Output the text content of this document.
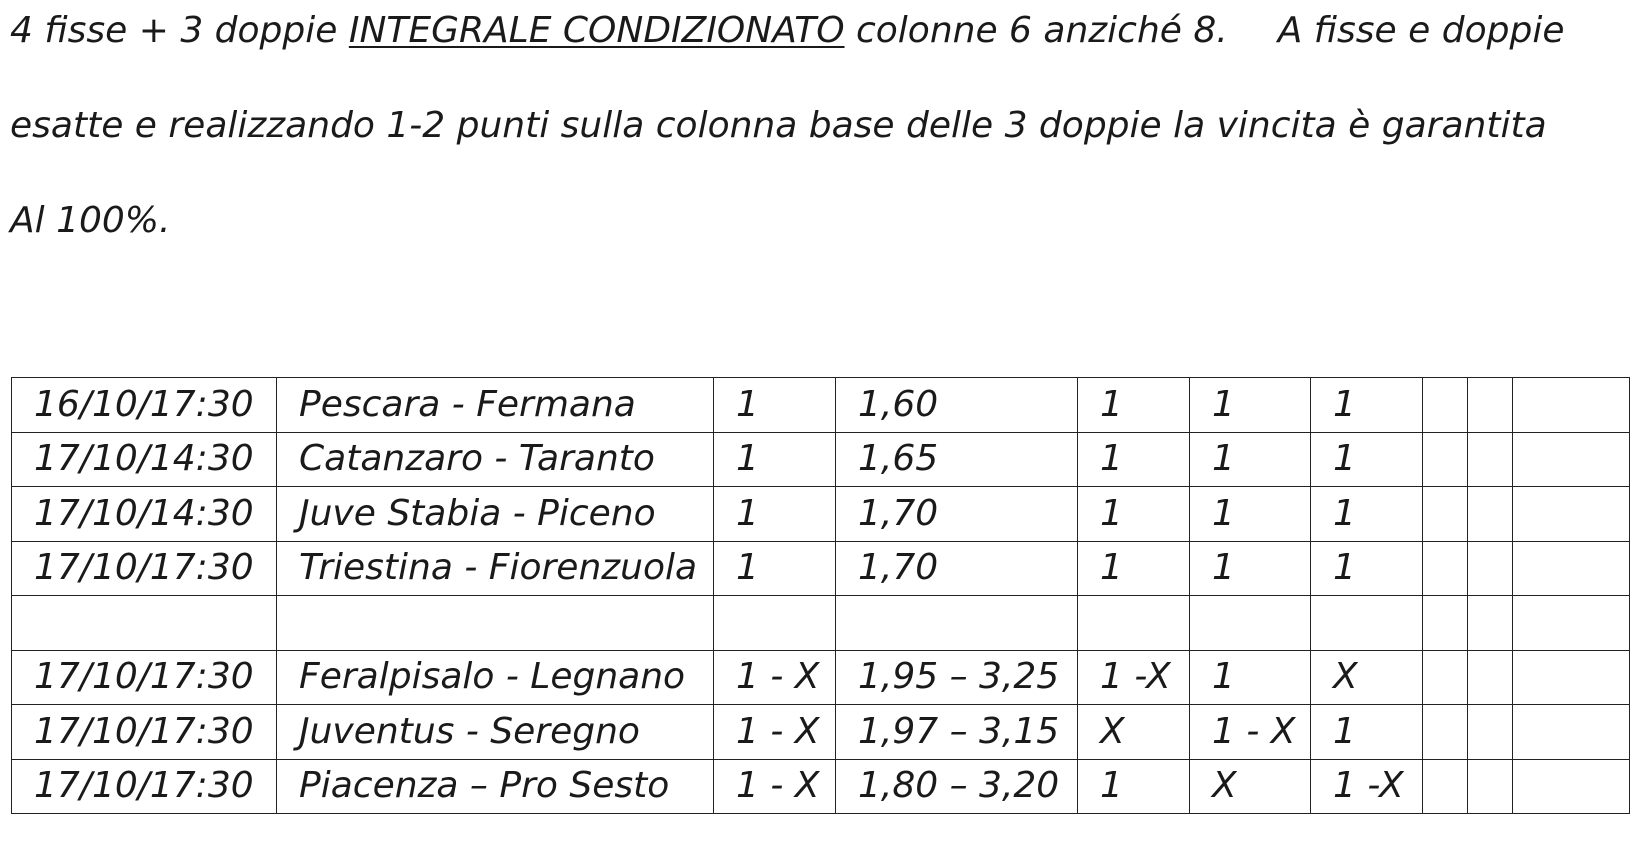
4 fisse + 3 doppie INTEGRALE CONDIZIONATO colonne 6 anziché 8. A fisse e doppie
esatte e realizzando 1-2 punti sulla colonna base delle 3 doppie la vincita è garantita
Al 100%.
16/10/17:30	Pescara - Fermana	1	1,60	1	1	1			
17/10/14:30	Catanzaro - Taranto	1	1,65	1	1	1			
17/10/14:30	Juve Stabia - Piceno	1	1,70	1	1	1			
17/10/17:30	Triestina - Fiorenzuola	1	1,70	1	1	1			

17/10/17:30	Feralpisalo - Legnano	1 - X	1,95 – 3,25	1 -X	1	X			
17/10/17:30	Juventus - Seregno	1 - X	1,97 – 3,15	X	1 - X	1			
17/10/17:30	Piacenza – Pro Sesto	1 - X	1,80 – 3,20	1	X	1 -X			
